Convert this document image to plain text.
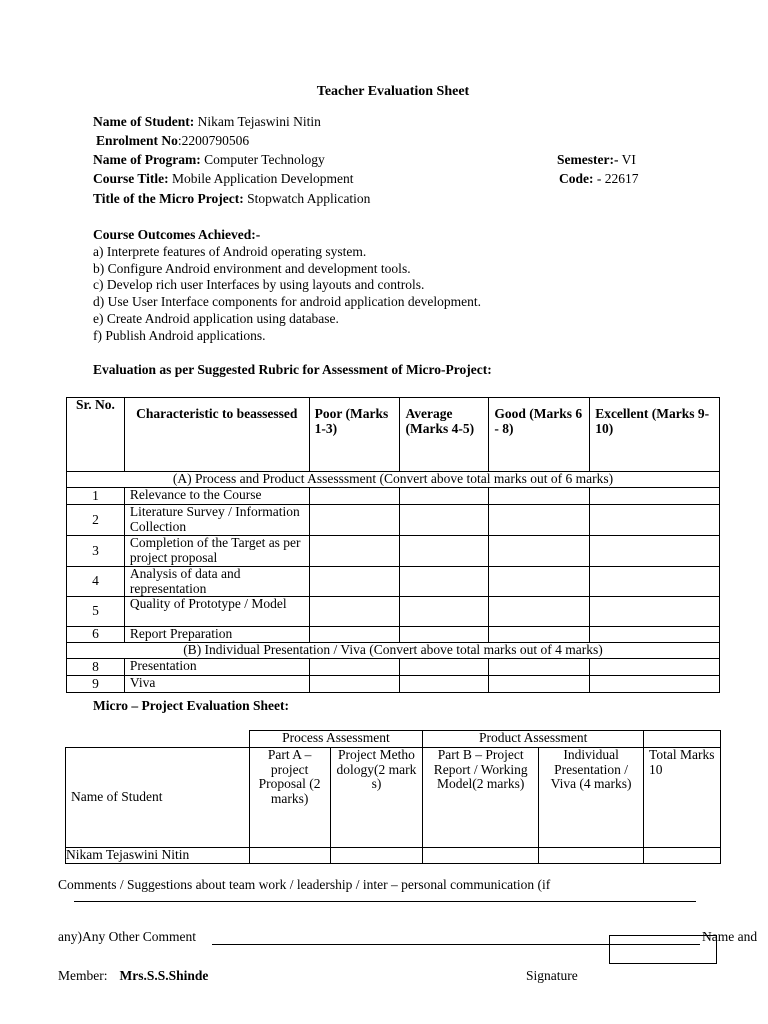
Teacher Evaluation Sheet
Name of Student: Nikam Tejaswini Nitin
Enrolment No:2200790506
Name of Program: Computer Technology	Semester:- VI
Course Title: Mobile Application Development	Code: - 22617
Title of the Micro Project: Stopwatch Application
Course Outcomes Achieved:-
a) Interprete features of Android operating system.
b) Configure Android environment and development tools.
c) Develop rich user Interfaces by using layouts and controls.
d) Use User Interface components for android application development.
e) Create Android application using database.
f) Publish Android applications.
Evaluation as per Suggested Rubric for Assessment of Micro-Project:
Sr. No.	Characteristic to beassessed	Poor (Marks 1-3)	Average (Marks 4-5)	Good (Marks 6 - 8)	Excellent (Marks 9-10)
(A) Process and Product Assesssment (Convert above total marks out of 6 marks)					
1	Relevance to the Course				
2	Literature Survey / Information Collection				
3	Completion of the Target as per project proposal				
4	Analysis of data and representation				
5	Quality of Prototype / Model				
6	Report Preparation				
(B) Individual Presentation / Viva (Convert above total marks out of 4 marks)					
8	Presentation				
9	Viva				
Micro – Project Evaluation Sheet:
	Process Assessment		Product Assessment		
Name of Student	Part A – project Proposal (2 marks)	Project Methodology(2 marks)	Part B – Project Report / Working Model(2 marks)	Individual Presentation / Viva (4 marks)	Total Marks 10
Nikam Tejaswini Nitin					
Comments / Suggestions about team work / leadership / inter – personal communication (if
any)Any Other Comment	Name and
Member: Mrs.S.S.Shinde	Signature
